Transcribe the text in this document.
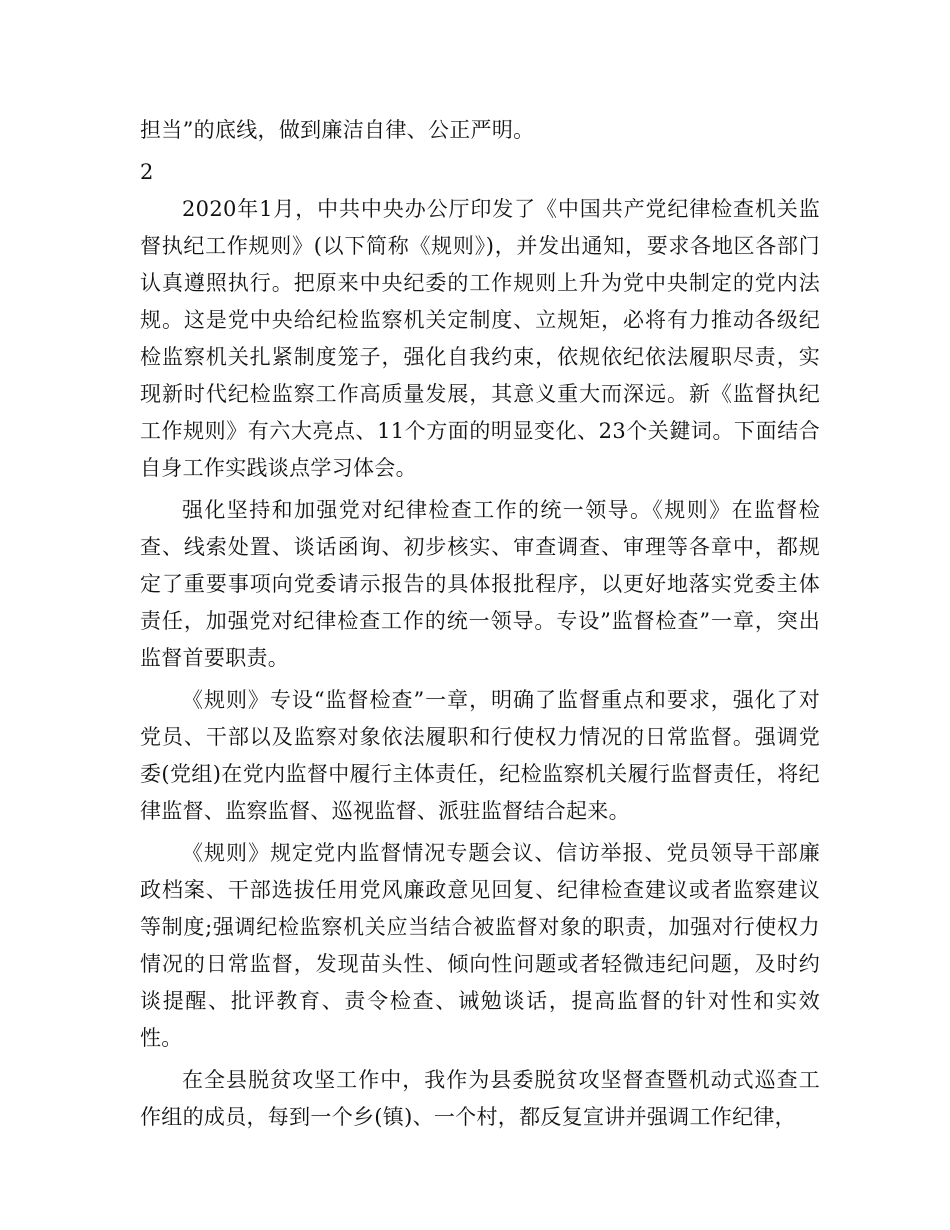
担当”的底线，做到廉洁自律、公正严明。

2

2020年1月，中共中央办公厅印发了《中国共产党纪律检查机关监督执纪工作规则》(以下简称《规则》)，并发出通知，要求各地区各部门认真遵照执行。把原来中央纪委的工作规则上升为党中央制定的党内法规。这是党中央给纪检监察机关定制度、立规矩，必将有力推动各级纪检监察机关扎紧制度笼子，强化自我约束，依规依纪依法履职尽责，实现新时代纪检监察工作高质量发展，其意义重大而深远。新《监督执纪工作规则》有六大亮点、11个方面的明显变化、23个关鍵词。下面结合自身工作实践谈点学习体会。

强化坚持和加强党对纪律检查工作的统一领导。《规则》在监督检查、线索处置、谈话函询、初步核实、审查调查、审理等各章中，都规定了重要事项向党委请示报告的具体报批程序，以更好地落实党委主体责任，加强党对纪律检查工作的统一领导。专设”监督检查”一章，突出监督首要职责。

《规则》专设“监督检查”一章，明确了监督重点和要求，强化了对党员、干部以及监察对象依法履职和行使权力情况的日常监督。强调党委(党组)在党内监督中履行主体责任，纪检监察机关履行监督责任，将纪律监督、监察监督、巡视监督、派驻监督结合起来。

《规则》规定党内监督情况专题会议、信访举报、党员领导干部廉政档案、干部选拔任用党风廉政意见回复、纪律检查建议或者监察建议等制度;强调纪检监察机关应当结合被监督对象的职责，加强对行使权力情况的日常监督，发现苗头性、倾向性问题或者轻微违纪问题，及时约谈提醒、批评教育、责令检查、诫勉谈话，提高监督的针对性和实效性。

在全县脱贫攻坚工作中，我作为县委脱贫攻坚督查暨机动式巡查工作组的成员，每到一个乡(镇)、一个村，都反复宣讲并强调工作纪律，
